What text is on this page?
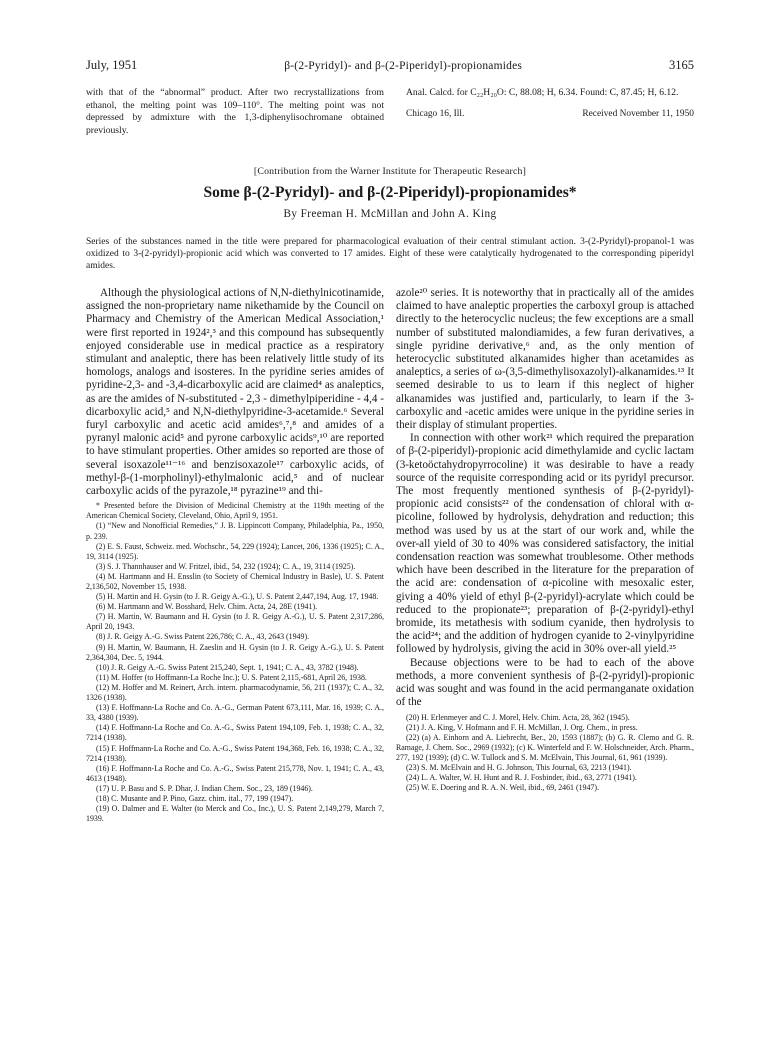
July, 1951	β-(2-Pyridyl)- and β-(2-Piperidyl)-propionamides	3165
with that of the “abnormal” product. After two recrystallizations from ethanol, the melting point was 109–110°. The melting point was not depressed by admixture with the 1,3-diphenylisochromane obtained previously.
Anal. Calcd. for C₂₂H₂₀O: C, 88.08; H, 6.34. Found: C, 87.45; H, 6.12.
Chicago 16, Ill.	Received November 11, 1950
[Contribution from the Warner Institute for Therapeutic Research]
Some β-(2-Pyridyl)- and β-(2-Piperidyl)-propionamides*
By Freeman H. McMillan and John A. King
Series of the substances named in the title were prepared for pharmacological evaluation of their central stimulant action. 3-(2-Pyridyl)-propanol-1 was oxidized to 3-(2-pyridyl)-propionic acid which was converted to 17 amides. Eight of these were catalytically hydrogenated to the corresponding piperidyl amides.

Although the physiological actions of N,N-diethylnicotinamide, assigned the non-proprietary name nikethamide by the Council on Pharmacy and Chemistry of the American Medical Association,¹ were first reported in 1924²,³ and this compound has subsequently enjoyed considerable use in medical practice as a respiratory stimulant and analeptic, there has been relatively little study of its homologs, analogs and isosteres. In the pyridine series amides of pyridine-2,3- and -3,4-dicarboxylic acid are claimed⁴ as analeptics, as are the amides of N-substituted - 2,3 - dimethylpiperidine - 4,4 - dicarboxylic acid,⁵ and N,N-diethylpyridine-3-acetamide.⁶ Several furyl carboxylic and acetic acid amides⁶,⁷,⁸ and amides of a pyranyl malonic acid⁵ and pyrone carboxylic acids⁹,¹⁰ are reported to have stimulant properties. Other amides so reported are those of several isoxazole¹¹⁻¹⁶ and benzisoxazole¹⁷ carboxylic acids, of methyl-β-(1-morpholinyl)-ethylmalonic acid,⁵ and of nuclear carboxylic acids of the pyrazole,¹⁸ pyrazine¹⁹ and thi-

* Presented before the Division of Medicinal Chemistry at the 119th meeting of the American Chemical Society, Cleveland, Ohio, April 9, 1951.

(1) “New and Nonofficial Remedies,” J. B. Lippincott Company, Philadelphia, Pa., 1950, p. 239.

(2) E. S. Faust, Schweiz. med. Wochschr., 54, 229 (1924); Lancet, 206, 1336 (1925); C. A., 19, 3114 (1925).

(3) S. J. Thannhauser and W. Fritzel, ibid., 54, 232 (1924); C. A., 19, 3114 (1925).

(4) M. Hartmann and H. Ensslin (to Society of Chemical Industry in Basle), U. S. Patent 2,136,502, November 15, 1938.

(5) H. Martin and H. Gysin (to J. R. Geigy A.-G.), U. S. Patent 2,447,194, Aug. 17, 1948.

(6) M. Hartmann and W. Bosshard, Helv. Chim. Acta, 24, 28E (1941).

(7) H. Martin, W. Baumann and H. Gysin (to J. R. Geigy A.-G.), U. S. Patent 2,317,286, April 20, 1943.

(8) J. R. Geigy A.-G. Swiss Patent 226,786; C. A., 43, 2643 (1949).

(9) H. Martin, W. Baumann, H. Zaeslin and H. Gysin (to J. R. Geigy A.-G.), U. S. Patent 2,364,304, Dec. 5, 1944.

(10) J. R. Geigy A.-G. Swiss Patent 215,240, Sept. 1, 1941; C. A., 43, 3782 (1948).

(11) M. Hoffer (to Hoffmann-La Roche Inc.); U. S. Patent 2,115,-681, April 26, 1938.

(12) M. Hoffer and M. Reinert, Arch. intern. pharmacodynamie, 56, 211 (1937); C. A., 32, 1326 (1938).

(13) F. Hoffmann-La Roche and Co. A.-G., German Patent 673,111, Mar. 16, 1939; C. A., 33, 4380 (1939).

(14) F. Hoffmann-La Roche and Co. A.-G., Swiss Patent 194,109, Feb. 1, 1938; C. A., 32, 7214 (1938).

(15) F. Hoffmann-La Roche and Co. A.-G., Swiss Patent 194,368, Feb. 16, 1938; C. A., 32, 7214 (1938).

(16) F. Hoffmann-La Roche and Co. A.-G., Swiss Patent 215,778, Nov. 1, 1941; C. A., 43, 4613 (1948).

(17) U. P. Basu and S. P. Dhar, J. Indian Chem. Soc., 23, 189 (1946).

(18) C. Musante and P. Pino, Gazz. chim. ital., 77, 199 (1947).

(19) O. Dalmer and E. Walter (to Merck and Co., Inc.), U. S. Patent 2,149,279, March 7, 1939.

azole²⁰ series. It is noteworthy that in practically all of the amides claimed to have analeptic properties the carboxyl group is attached directly to the heterocyclic nucleus; the few exceptions are a small number of substituted malondiamides, a few furan derivatives, a single pyridine derivative,⁶ and, as the only mention of heterocyclic substituted alkanamides higher than acetamides as analeptics, a series of ω-(3,5-dimethylisoxazolyl)-alkanamides.¹³ It seemed desirable to us to learn if this neglect of higher alkanamides was justified and, particularly, to learn if the 3-carboxylic and -acetic amides were unique in the pyridine series in their display of stimulant properties.

In connection with other work²¹ which required the preparation of β-(2-piperidyl)-propionic acid dimethylamide and cyclic lactam (3-ketoöctahydropyrrocoline) it was desirable to have a ready source of the requisite corresponding acid or its pyridyl precursor. The most frequently mentioned synthesis of β-(2-pyridyl)-propionic acid consists²² of the condensation of chloral with α-picoline, followed by hydrolysis, dehydration and reduction; this method was used by us at the start of our work and, while the over-all yield of 30 to 40% was considered satisfactory, the initial condensation reaction was somewhat troublesome. Other methods which have been described in the literature for the preparation of the acid are: condensation of α-picoline with mesoxalic ester, giving a 40% yield of ethyl β-(2-pyridyl)-acrylate which could be reduced to the propionate²³; preparation of β-(2-pyridyl)-ethyl bromide, its metathesis with sodium cyanide, then hydrolysis to the acid²⁴; and the addition of hydrogen cyanide to 2-vinylpyridine followed by hydrolysis, giving the acid in 30% over-all yield.²⁵

Because objections were to be had to each of the above methods, a more convenient synthesis of β-(2-pyridyl)-propionic acid was sought and was found in the acid permanganate oxidation of the

(20) H. Erlenmeyer and C. J. Morel, Helv. Chim. Acta, 28, 362 (1945).

(21) J. A. King, V. Hofmann and F. H. McMillan, J. Org. Chem., in press.

(22) (a) A. Einhorn and A. Liebrecht, Ber., 20, 1593 (1887); (b) G. R. Clemo and G. R. Ramage, J. Chem. Soc., 2969 (1932); (c) K. Winterfeld and F. W. Holschneider, Arch. Pharm., 277, 192 (1939); (d) C. W. Tullock and S. M. McElvain, This Journal, 61, 961 (1939).

(23) S. M. McElvain and H. G. Johnson, This Journal, 63, 2213 (1941).

(24) L. A. Walter, W. H. Hunt and R. J. Fosbinder, ibid., 63, 2771 (1941).

(25) W. E. Doering and R. A. N. Weil, ibid., 69, 2461 (1947).
